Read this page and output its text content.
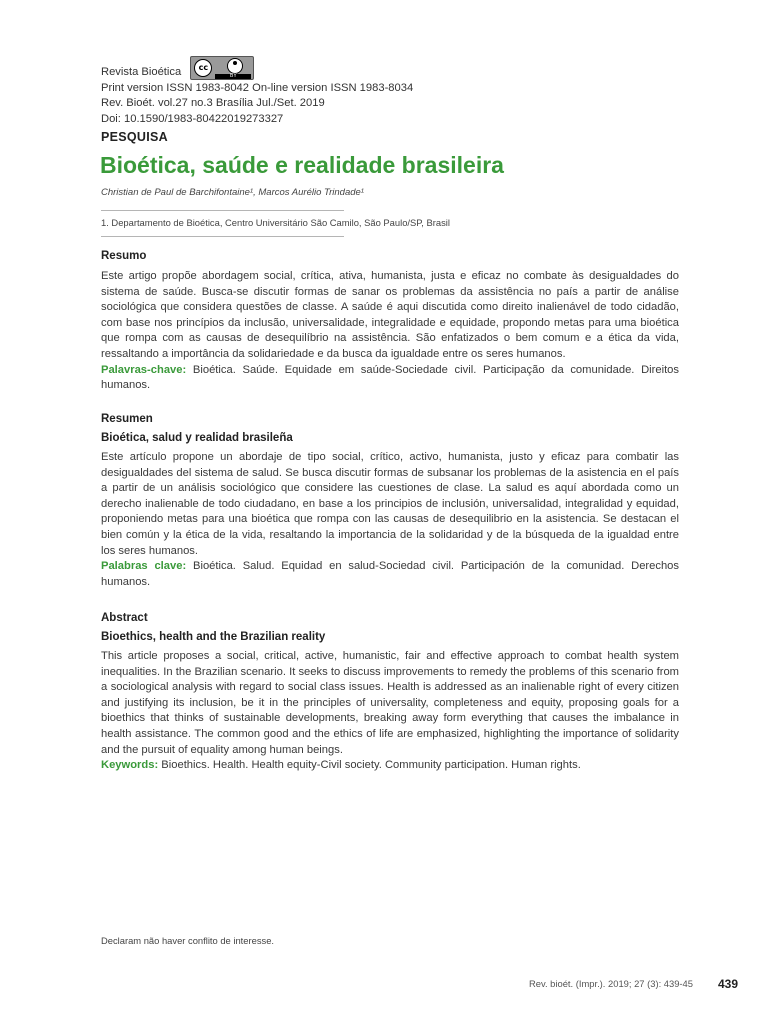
Revista Bioética	cc
BY
Print version ISSN 1983-8042 On-line version ISSN 1983-8034
Rev. Bioét. vol.27 no.3 Brasília Jul./Set. 2019
Doi: 10.1590/1983-80422019273327
PESQUISA
Bioética, saúde e realidade brasileira
Christian de Paul de Barchifontaine¹, Marcos Aurélio Trindade¹
1. Departamento de Bioética, Centro Universitário São Camilo, São Paulo/SP, Brasil
Resumo

Este artigo propõe abordagem social, crítica, ativa, humanista, justa e eficaz no combate às desigualdades do sistema de saúde. Busca-se discutir formas de sanar os problemas da assistência no país a partir de análise sociológica que considera questões de classe. A saúde é aqui discutida como direito inalienável de todo cidadão, com base nos princípios da inclusão, universalidade, integralidade e equidade, propondo metas para uma bioética que rompa com as causas de desequilíbrio na assistência. São enfatizados o bem comum e a ética da vida, ressaltando a importância da solidariedade e da busca da igualdade entre os seres humanos.

Palavras-chave: Bioética. Saúde. Equidade em saúde-Sociedade civil. Participação da comunidade. Direitos humanos.

Resumen
Bioética, salud y realidad brasileña

Este artículo propone un abordaje de tipo social, crítico, activo, humanista, justo y eficaz para combatir las desigualdades del sistema de salud. Se busca discutir formas de subsanar los problemas de la asistencia en el país a partir de un análisis sociológico que considere las cuestiones de clase. La salud es aquí abordada como un derecho inalienable de todo ciudadano, en base a los principios de inclusión, universalidad, integralidad y equidad, proponiendo metas para una bioética que rompa con las causas de desequilibrio en la asistencia. Se destacan el bien común y la ética de la vida, resaltando la importancia de la solidaridad y de la búsqueda de la igualdad entre los seres humanos.

Palabras clave: Bioética. Salud. Equidad en salud-Sociedad civil. Participación de la comunidad. Derechos humanos.

Abstract
Bioethics, health and the Brazilian reality

This article proposes a social, critical, active, humanistic, fair and effective approach to combat health system inequalities. In the Brazilian scenario. It seeks to discuss improvements to remedy the problems of this scenario from a sociological analysis with regard to social class issues. Health is addressed as an inalienable right of every citizen and justifying its inclusion, be it in the principles of universality, completeness and equity, proposing goals for a bioethics that thinks of sustainable developments, breaking away form everything that causes the imbalance in health assistance. The common good and the ethics of life are emphasized, highlighting the importance of solidarity and the pursuit of equality among human beings.

Keywords: Bioethics. Health. Health equity-Civil society. Community participation. Human rights.

Declaram não haver conflito de interesse.
Rev. bioét. (Impr.). 2019; 27 (3): 439-45 439
